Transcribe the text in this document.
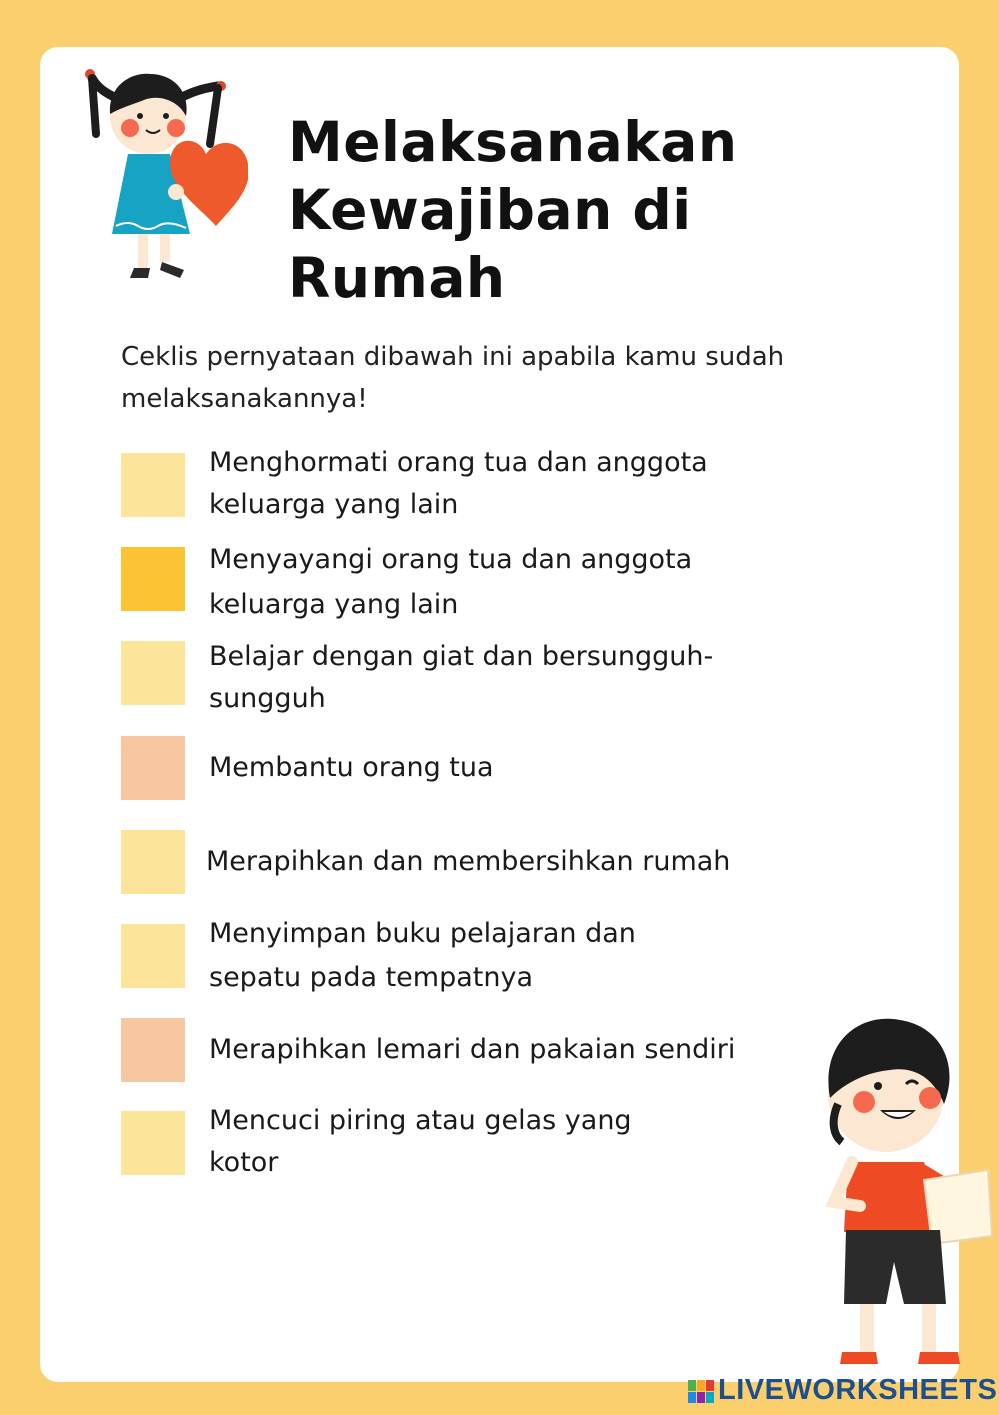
Melaksanakan
Kewajiban di Rumah
Ceklis pernyataan dibawah ini apabila kamu sudah melaksanakannya!
Menghormati orang tua dan anggota keluarga yang lain
Menyayangi orang tua dan anggota keluarga yang lain
Belajar dengan giat dan bersungguh-sungguh
Membantu orang tua
Merapihkan dan membersihkan rumah
Menyimpan buku pelajaran dan sepatu pada tempatnya
Merapihkan lemari dan pakaian sendiri
Mencuci piring atau gelas yang kotor
LIVEWORKSHEETS
